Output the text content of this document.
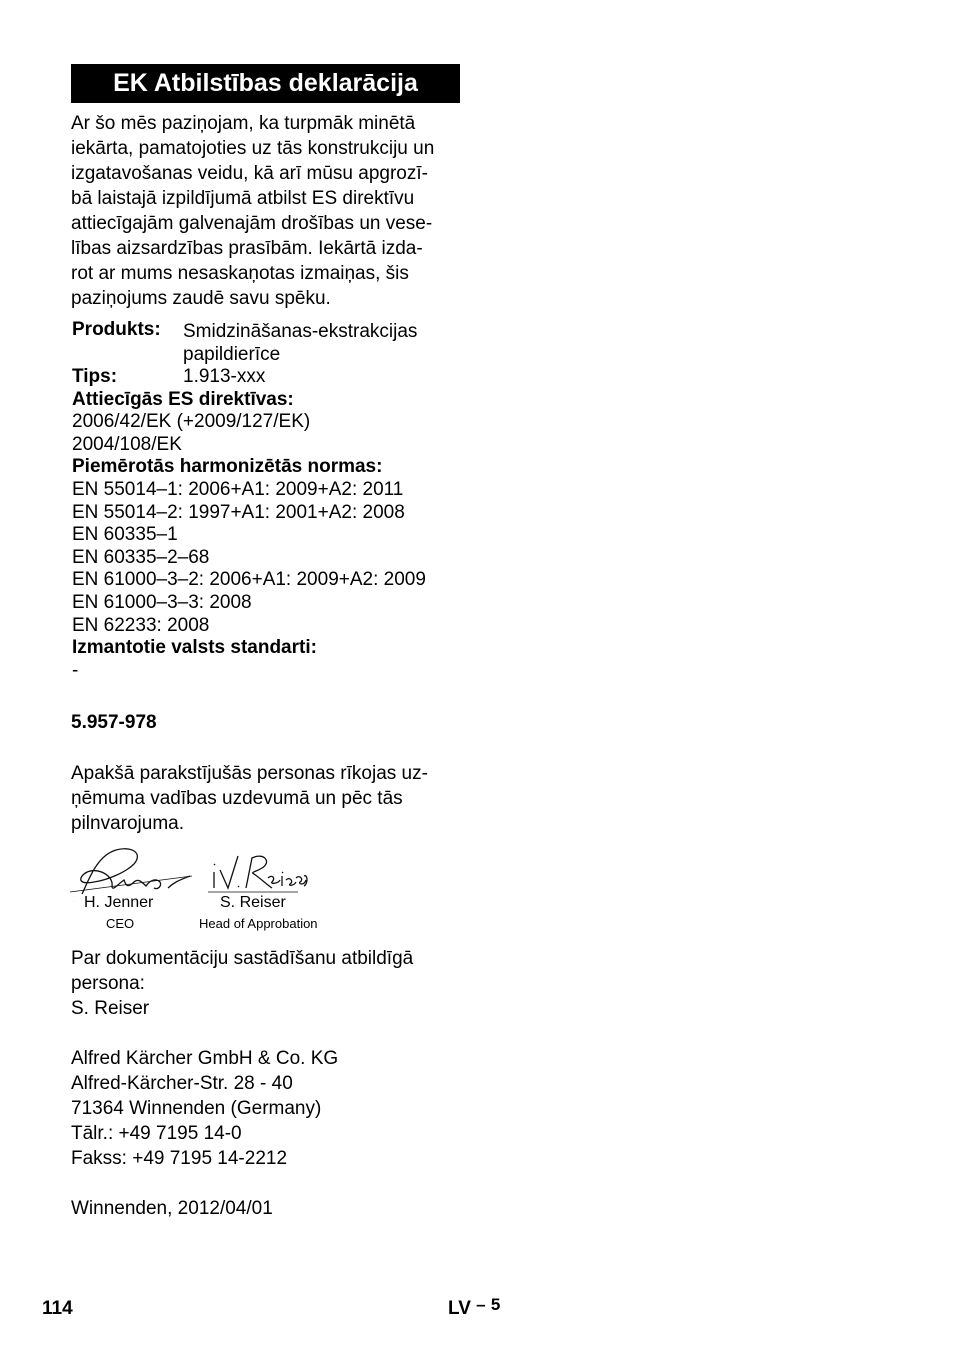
EK Atbilstības deklarācija
Ar šo mēs paziņojam, ka turpmāk minētā
iekārta, pamatojoties uz tās konstrukciju un
izgatavošanas veidu, kā arī mūsu apgrozī-
bā laistajā izpildījumā atbilst ES direktīvu
attiecīgajām galvenajām drošības un vese-
lības aizsardzības prasībām. Iekārtā izda-
rot ar mums nesaskaņotas izmaiņas, šis
paziņojums zaudē savu spēku.
Produkts:	Smidzināšanas-ekstrakcijas
papildierīce
Tips:	1.913-xxx
Attiecīgās ES direktīvas:
2006/42/EK (+2009/127/EK)
2004/108/EK
Piemērotās harmonizētās normas:
EN 55014–1: 2006+A1: 2009+A2: 2011
EN 55014–2: 1997+A1: 2001+A2: 2008
EN 60335–1
EN 60335–2–68
EN 61000–3–2: 2006+A1: 2009+A2: 2009
EN 61000–3–3: 2008
EN 62233: 2008
Izmantotie valsts standarti:
-
5.957-978
Apakšā parakstījušās personas rīkojas uz-
ņēmuma vadības uzdevumā un pēc tās
pilnvarojuma.
H. Jenner
CEO
S. Reiser
Head of Approbation
Par dokumentāciju sastādīšanu atbildīgā
persona:
S. Reiser
Alfred Kärcher GmbH & Co. KG
Alfred-Kärcher-Str. 28 - 40
71364 Winnenden (Germany)
Tālr.: +49 7195 14-0
Fakss: +49 7195 14-2212
Winnenden, 2012/04/01
114	LV – 5
